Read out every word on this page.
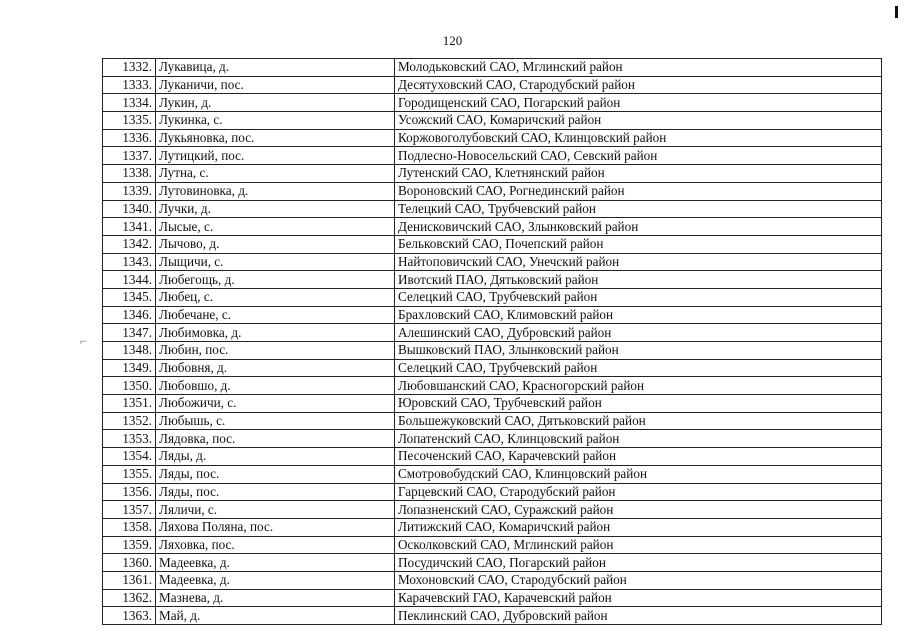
120
⌐
1332.	Лукавица, д.	Молодьковский САО, Мглинский район
1333.	Луканичи, пос.	Десятуховский САО, Стародубский район
1334.	Лукин, д.	Городищенский САО, Погарский район
1335.	Лукинка, с.	Усожский САО, Комаричский район
1336.	Лукьяновка, пос.	Коржовоголубовский САО, Клинцовский район
1337.	Лутицкий, пос.	Подлесно-Новосельский САО, Севский район
1338.	Лутна, с.	Лутенский САО, Клетнянский район
1339.	Лутовиновка, д.	Вороновский САО, Рогнединский район
1340.	Лучки, д.	Телецкий САО, Трубчевский район
1341.	Лысые, с.	Денисковичский САО, Злынковский район
1342.	Лычово, д.	Бельковский САО, Почепский район
1343.	Лыщичи, с.	Найтоповичский САО, Унечский район
1344.	Любегощь, д.	Ивотский ПАО, Дятьковский район
1345.	Любец, с.	Селецкий САО, Трубчевский район
1346.	Любечане, с.	Брахловский САО, Климовский район
1347.	Любимовка, д.	Алешинский САО, Дубровский район
1348.	Любин, пос.	Вышковский ПАО, Злынковский район
1349.	Любовня, д.	Селецкий САО, Трубчевский район
1350.	Любовшо, д.	Любовшанский САО, Красногорский район
1351.	Любожичи, с.	Юровский САО, Трубчевский район
1352.	Любышь, с.	Большежуковский САО, Дятьковский район
1353.	Лядовка, пос.	Лопатенский САО, Клинцовский район
1354.	Ляды, д.	Песоченский САО, Карачевский район
1355.	Ляды, пос.	Смотровобудский САО, Клинцовский район
1356.	Ляды, пос.	Гарцевский САО, Стародубский район
1357.	Ляличи, с.	Лопазненский САО, Суражский район
1358.	Ляхова Поляна, пос.	Литижский САО, Комаричский район
1359.	Ляховка, пос.	Осколковский САО, Мглинский район
1360.	Мадеевка, д.	Посудичский САО, Погарский район
1361.	Мадеевка, д.	Мохоновский САО, Стародубский район
1362.	Мазнева, д.	Карачевский ГАО, Карачевский район
1363.	Май, д.	Пеклинский САО, Дубровский район
